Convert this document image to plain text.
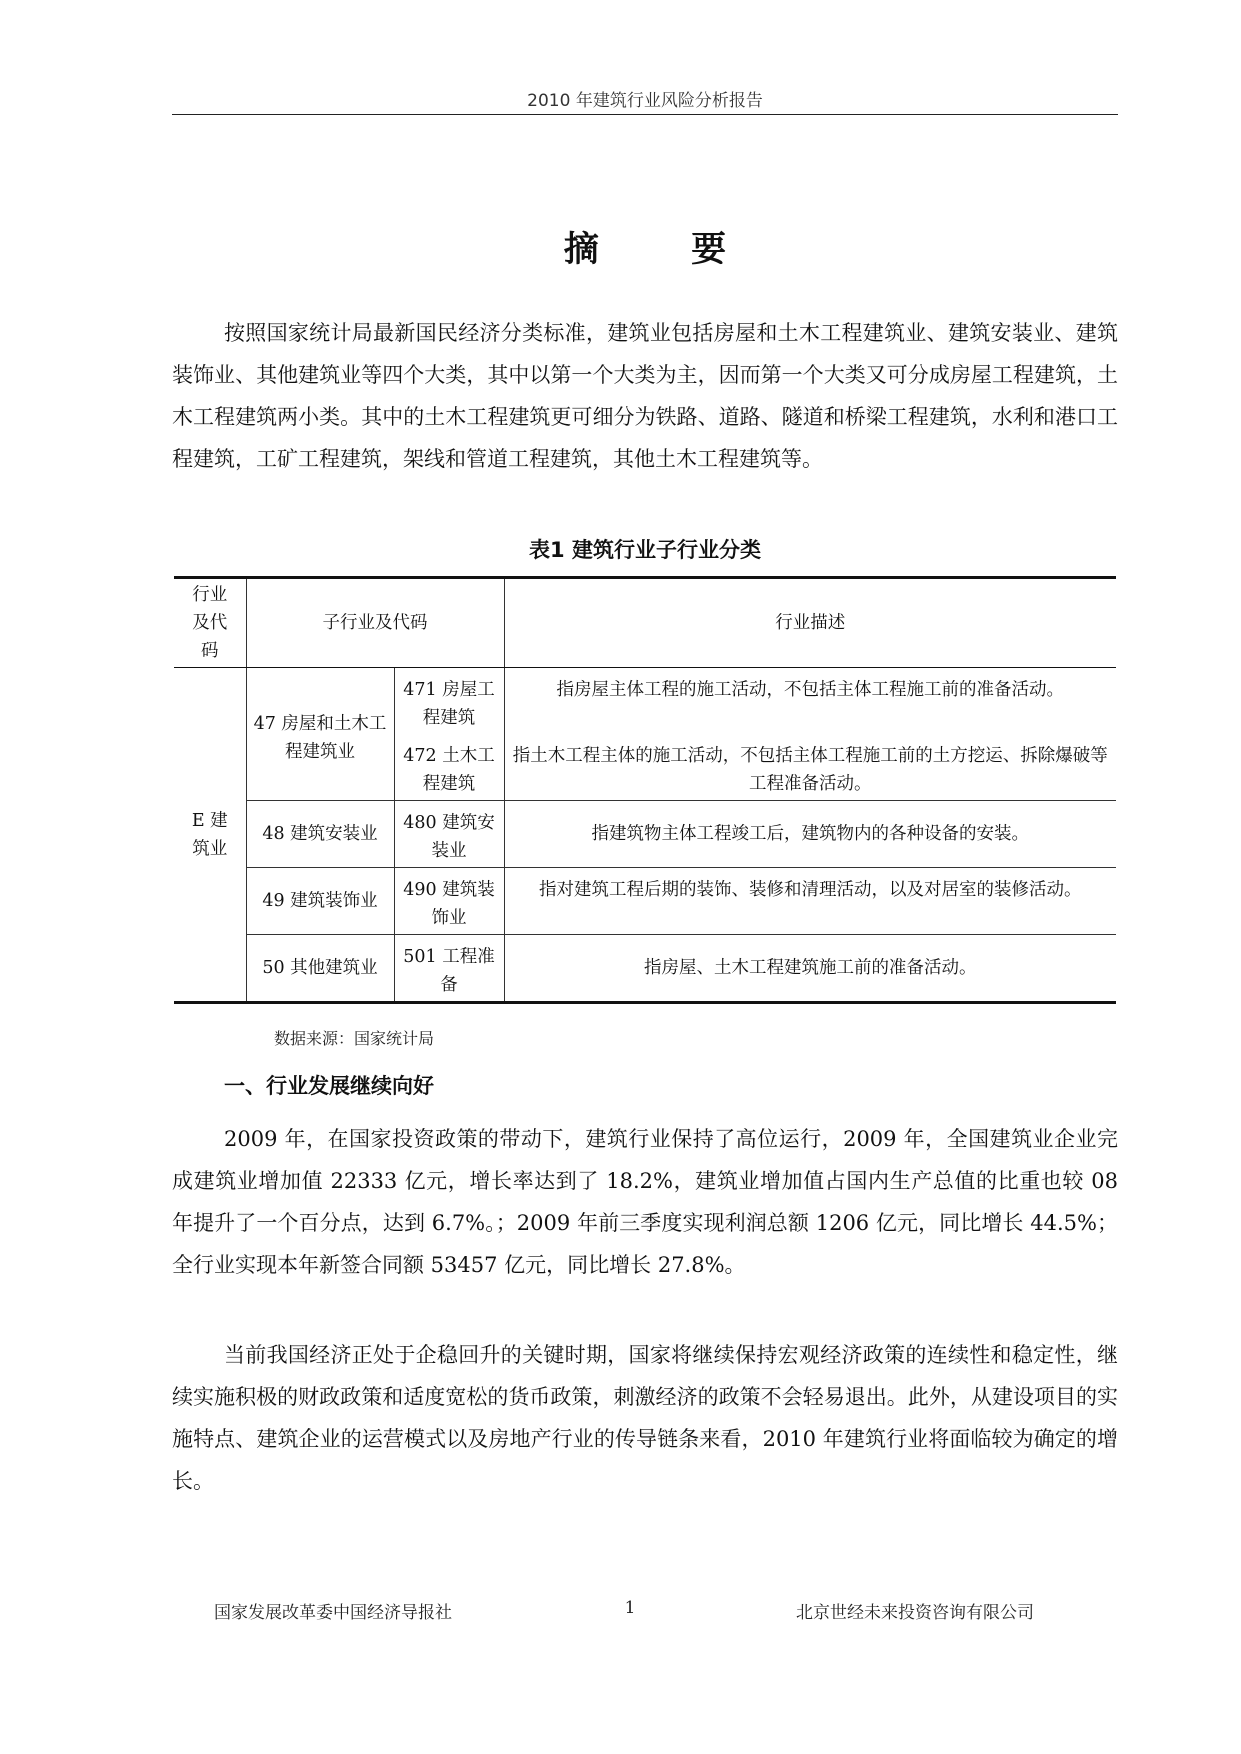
2010 年建筑行业风险分析报告
摘 要

按照国家统计局最新国民经济分类标准，建筑业包括房屋和土木工程建筑业、建筑安装业、建筑装饰业、其他建筑业等四个大类，其中以第一个大类为主，因而第一个大类又可分成房屋工程建筑，土木工程建筑两小类。其中的土木工程建筑更可细分为铁路、道路、隧道和桥梁工程建筑，水利和港口工程建筑，工矿工程建筑，架线和管道工程建筑，其他土木工程建筑等。

表1 建筑行业子行业分类
行业及代码	子行业及代码		行业描述
E 建筑业	47 房屋和土木工程建筑业	471 房屋工程建筑	指房屋主体工程的施工活动，不包括主体工程施工前的准备活动。
		472 土木工程建筑	指土木工程主体的施工活动，不包括主体工程施工前的土方挖运、拆除爆破等工程准备活动。
	48 建筑安装业	480 建筑安装业	指建筑物主体工程竣工后，建筑物内的各种设备的安装。
	49 建筑装饰业	490 建筑装饰业	指对建筑工程后期的装饰、装修和清理活动，以及对居室的装修活动。
	50 其他建筑业	501 工程准备	指房屋、土木工程建筑施工前的准备活动。
数据来源：国家统计局
一、行业发展继续向好

2009 年，在国家投资政策的带动下，建筑行业保持了高位运行，2009 年，全国建筑业企业完成建筑业增加值 22333 亿元，增长率达到了 18.2%，建筑业增加值占国内生产总值的比重也较 08 年提升了一个百分点，达到 6.7%。；2009 年前三季度实现利润总额 1206 亿元，同比增长 44.5%；全行业实现本年新签合同额 53457 亿元，同比增长 27.8%。

当前我国经济正处于企稳回升的关键时期，国家将继续保持宏观经济政策的连续性和稳定性，继续实施积极的财政政策和适度宽松的货币政策，刺激经济的政策不会轻易退出。此外，从建设项目的实施特点、建筑企业的运营模式以及房地产行业的传导链条来看，2010 年建筑行业将面临较为确定的增长。

国家发展改革委中国经济导报社	1	北京世经未来投资咨询有限公司
